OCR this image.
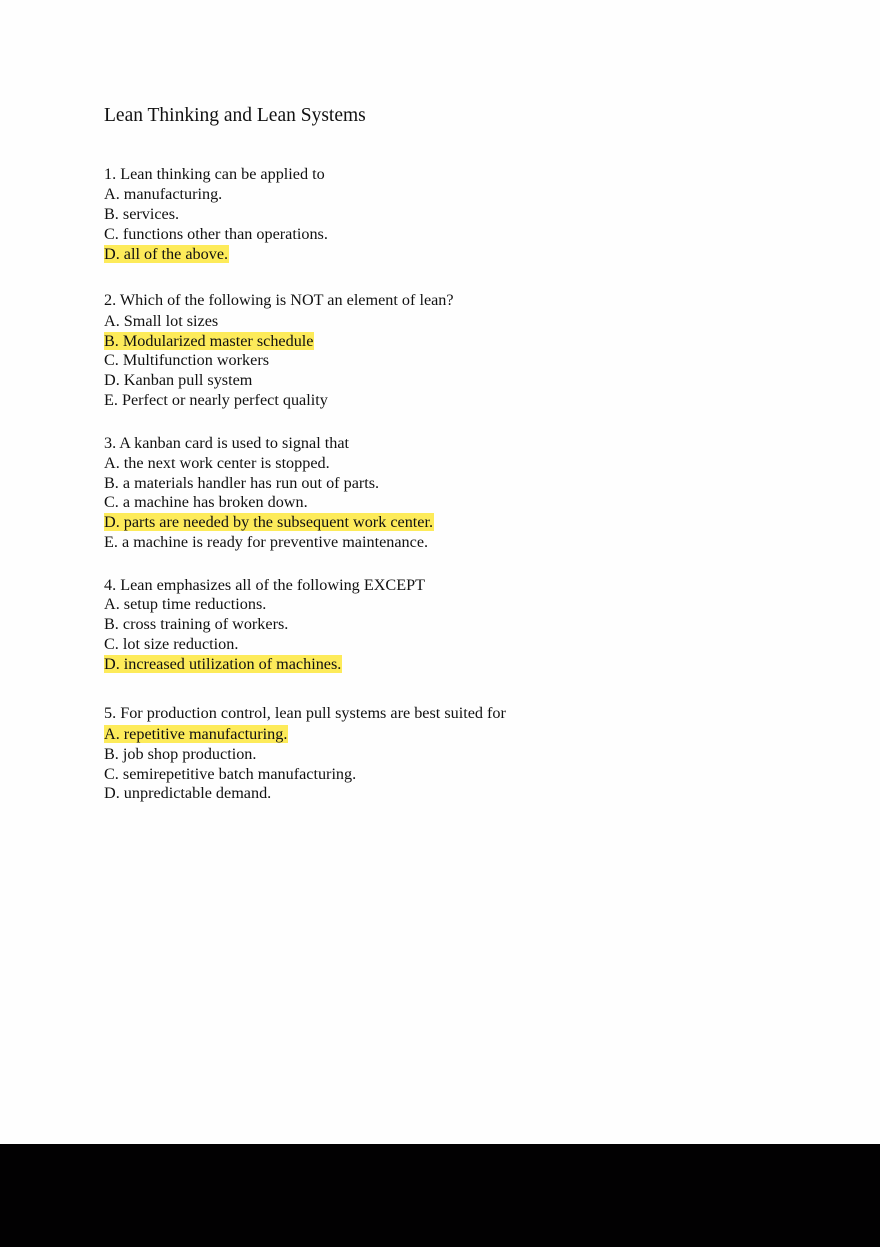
Lean Thinking and Lean Systems
1. Lean thinking can be applied to
A. manufacturing.
B. services.
C. functions other than operations.
D. all of the above.
2. Which of the following is NOT an element of lean?
A. Small lot sizes
B. Modularized master schedule
C. Multifunction workers
D. Kanban pull system
E. Perfect or nearly perfect quality
3. A kanban card is used to signal that
A. the next work center is stopped.
B. a materials handler has run out of parts.
C. a machine has broken down.
D. parts are needed by the subsequent work center.
E. a machine is ready for preventive maintenance.
4. Lean emphasizes all of the following EXCEPT
A. setup time reductions.
B. cross training of workers.
C. lot size reduction.
D. increased utilization of machines.
5. For production control, lean pull systems are best suited for
A. repetitive manufacturing.
B. job shop production.
C. semirepetitive batch manufacturing.
D. unpredictable demand.
